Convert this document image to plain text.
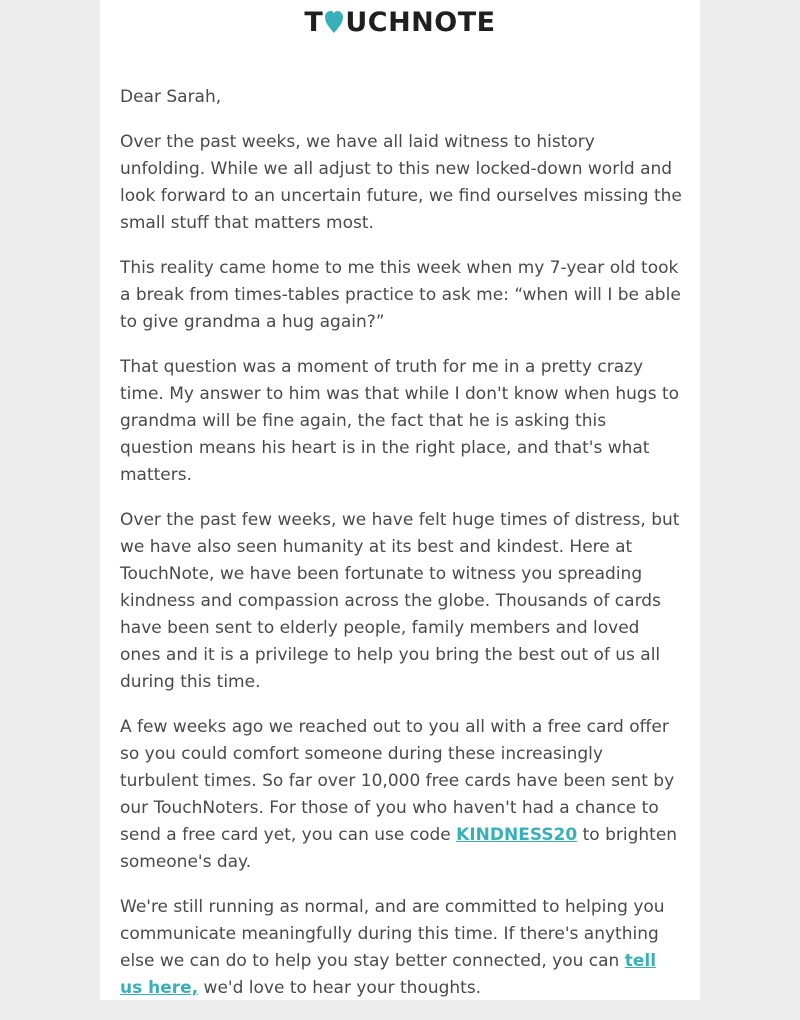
T UCHNOTE

Dear Sarah,

Over the past weeks, we have all laid witness to history unfolding. While we all adjust to this new locked-down world and look forward to an uncertain future, we find ourselves missing the small stuff that matters most.

This reality came home to me this week when my 7-year old took a break from times-tables practice to ask me: “when will I be able to give grandma a hug again?”

That question was a moment of truth for me in a pretty crazy time. My answer to him was that while I don't know when hugs to grandma will be fine again, the fact that he is asking this question means his heart is in the right place, and that's what matters.

Over the past few weeks, we have felt huge times of distress, but we have also seen humanity at its best and kindest. Here at TouchNote, we have been fortunate to witness you spreading kindness and compassion across the globe. Thousands of cards have been sent to elderly people, family members and loved ones and it is a privilege to help you bring the best out of us all during this time.

A few weeks ago we reached out to you all with a free card offer so you could comfort someone during these increasingly turbulent times. So far over 10,000 free cards have been sent by our TouchNoters. For those of you who haven't had a chance to send a free card yet, you can use code KINDNESS20 to brighten someone's day.

We're still running as normal, and are committed to helping you communicate meaningfully during this time. If there's anything else we can do to help you stay better connected, you can tell us here, we'd love to hear your thoughts.
